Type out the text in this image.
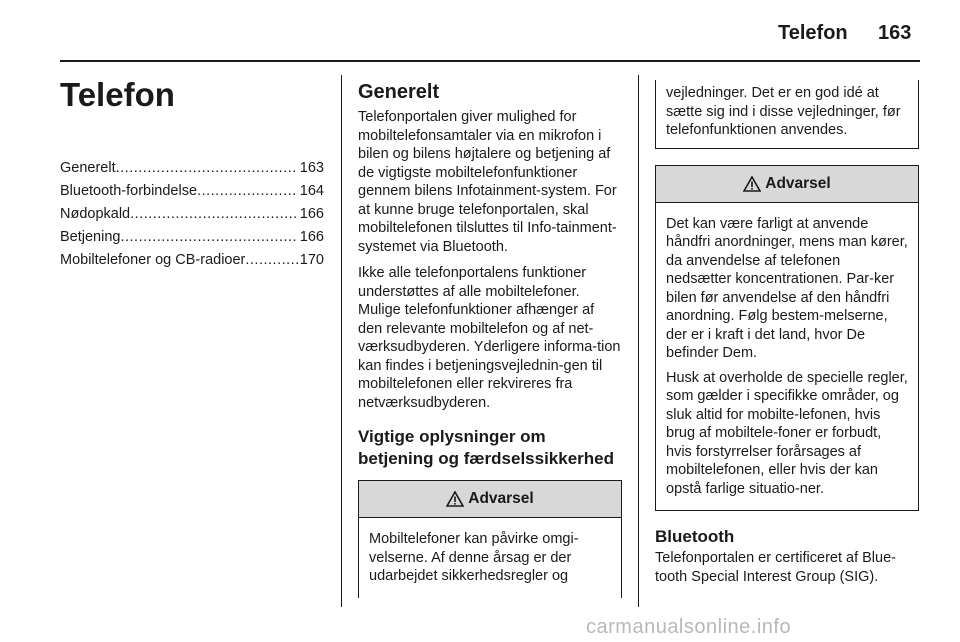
Telefon 163
Telefon
Generelt .....	163
Bluetooth-forbindelse .....	164
Nødopkald .....	166
Betjening .....	166
Mobiltelefoner og CB-radioer .....	170
Generelt

Telefonportalen giver mulighed for mobiltelefonsamtaler via en mikrofon i bilen og bilens højtalere og betjening af de vigtigste mobiltelefonfunktioner gennem bilens Infotainment-system. For at kunne bruge telefonportalen, skal mobiltelefonen tilsluttes til Info-tainment-systemet via Bluetooth.

Ikke alle telefonportalens funktioner understøttes af alle mobiltelefoner. Mulige telefonfunktioner afhænger af den relevante mobiltelefon og af net-værksudbyderen. Yderligere informa-tion kan findes i betjeningsvejlednin-gen til mobiltelefonen eller rekvireres fra netværksudbyderen.

Vigtige oplysninger om betjening og færdselssikkerhed
Advarsel

Mobiltelefoner kan påvirke omgi-velserne. Af denne årsag er der udarbejdet sikkerhedsregler og

vejledninger. Det er en god idé at sætte sig ind i disse vejledninger, før telefonfunktionen anvendes.

Advarsel

Det kan være farligt at anvende håndfri anordninger, mens man kører, da anvendelse af telefonen nedsætter koncentrationen. Par-ker bilen før anvendelse af den håndfri anordning. Følg bestem-melserne, der er i kraft i det land, hvor De befinder Dem.

Husk at overholde de specielle regler, som gælder i specifikke områder, og sluk altid for mobilte-lefonen, hvis brug af mobiltele-foner er forbudt, hvis forstyrrelser forårsages af mobiltelefonen, eller hvis der kan opstå farlige situatio-ner.

Bluetooth

Telefonportalen er certificeret af Blue-tooth Special Interest Group (SIG).

carmanualsonline.info
